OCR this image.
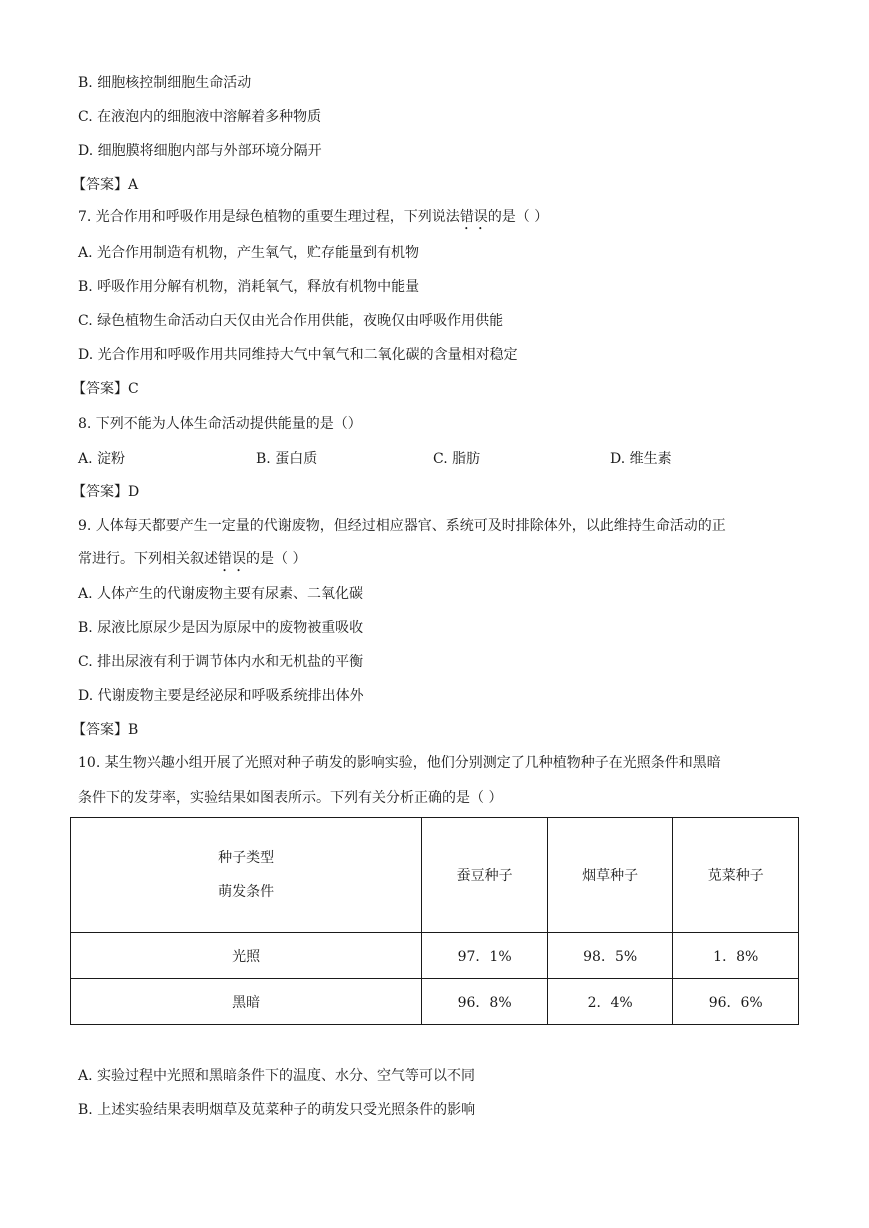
B. 细胞核控制细胞生命活动
C. 在液泡内的细胞液中溶解着多种物质
D. 细胞膜将细胞内部与外部环境分隔开
【答案】A
7. 光合作用和呼吸作用是绿色植物的重要生理过程，下列说法错误的是（ ）
A. 光合作用制造有机物，产生氧气，贮存能量到有机物
B. 呼吸作用分解有机物，消耗氧气，释放有机物中能量
C. 绿色植物生命活动白天仅由光合作用供能，夜晚仅由呼吸作用供能
D. 光合作用和呼吸作用共同维持大气中氧气和二氧化碳的含量相对稳定
【答案】C
8. 下列不能为人体生命活动提供能量的是（）
A. 淀粉	B. 蛋白质	C. 脂肪	D. 维生素
【答案】D
9. 人体每天都要产生一定量的代谢废物，但经过相应器官、系统可及时排除体外，以此维持生命活动的正
常进行。下列相关叙述错误的是（ ）
A. 人体产生的代谢废物主要有尿素、二氧化碳
B. 尿液比原尿少是因为原尿中的废物被重吸收
C. 排出尿液有利于调节体内水和无机盐的平衡
D. 代谢废物主要是经泌尿和呼吸系统排出体外
【答案】B
10. 某生物兴趣小组开展了光照对种子萌发的影响实验，他们分别测定了几种植物种子在光照条件和黑暗
条件下的发芽率，实验结果如图表所示。下列有关分析正确的是（ ）
种子类型
萌发条件	蚕豆种子	烟草种子	苋菜种子
光照	97．1%	98．5%	1．8%
黑暗	96．8%	2．4%	96．6%
A. 实验过程中光照和黑暗条件下的温度、水分、空气等可以不同
B. 上述实验结果表明烟草及苋菜种子的萌发只受光照条件的影响
